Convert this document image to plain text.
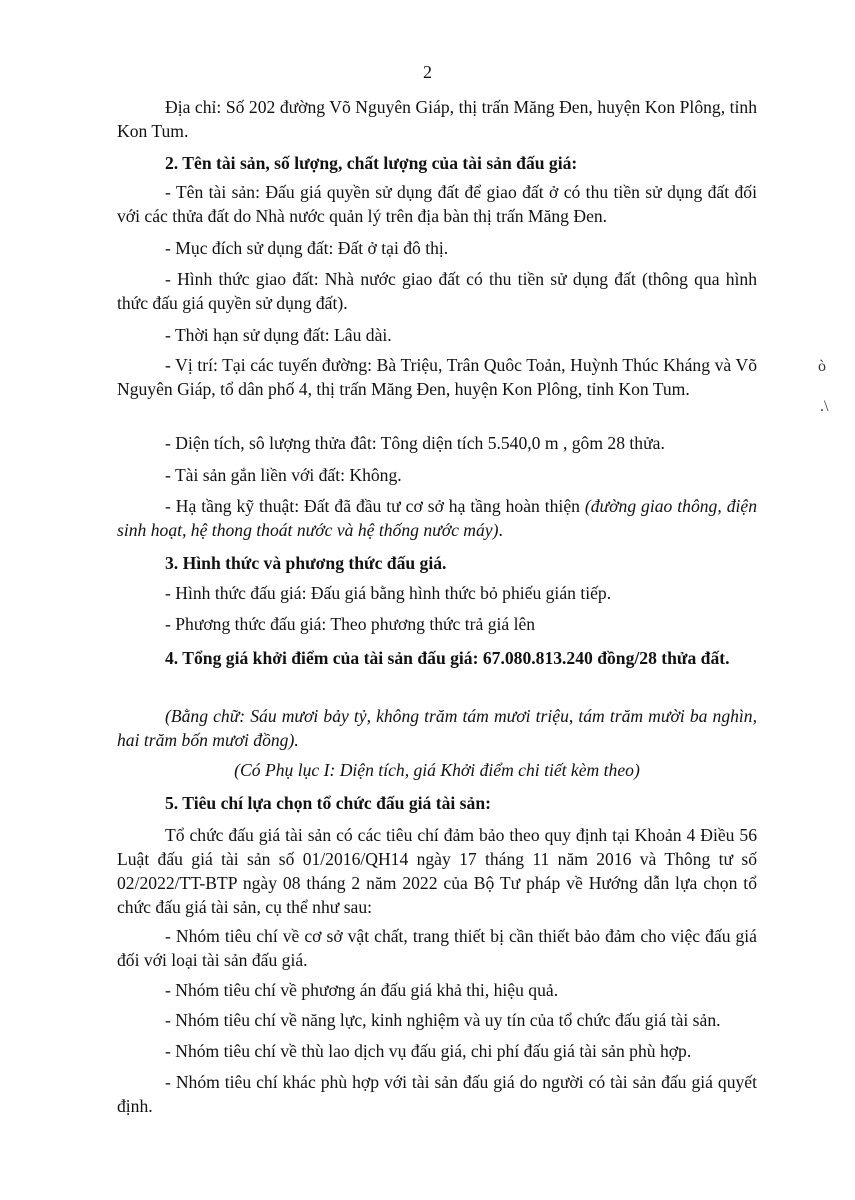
2
Địa chỉ: Số 202 đường Võ Nguyên Giáp, thị trấn Măng Đen, huyện Kon Plông, tỉnh Kon Tum.
2. Tên tài sản, số lượng, chất lượng của tài sản đấu giá:
- Tên tài sản: Đấu giá quyền sử dụng đất để giao đất ở có thu tiền sử dụng đất đối với các thửa đất do Nhà nước quản lý trên địa bàn thị trấn Măng Đen.
- Mục đích sử dụng đất: Đất ở tại đô thị.
- Hình thức giao đất: Nhà nước giao đất có thu tiền sử dụng đất (thông qua hình thức đấu giá quyền sử dụng đất).
- Thời hạn sử dụng đất: Lâu dài.
- Vị trí: Tại các tuyến đường: Bà Triệu, Trân Quôc Toản, Huỳnh Thúc Kháng và Võ Nguyên Giáp, tổ dân phố 4, thị trấn Măng Đen, huyện Kon Plông, tỉnh Kon Tum.
- Diện tích, sô lượng thửa đât: Tông diện tích 5.540,0 m , gôm 28 thửa.
- Tài sản gắn liền với đất: Không.
- Hạ tầng kỹ thuật: Đất đã đầu tư cơ sở hạ tầng hoàn thiện (đường giao thông, điện sinh hoạt, hệ thong thoát nước và hệ thống nước máy).
3. Hình thức và phương thức đấu giá.
- Hình thức đấu giá: Đấu giá bằng hình thức bỏ phiếu gián tiếp.
- Phương thức đấu giá: Theo phương thức trả giá lên
4. Tổng giá khởi điểm của tài sản đấu giá: 67.080.813.240 đồng/28 thửa đất.
(Bằng chữ: Sáu mươi bảy tỷ, không trăm tám mươi triệu, tám trăm mười ba nghìn, hai trăm bốn mươi đồng).
(Có Phụ lục I: Diện tích, giá Khởi điểm chi tiết kèm theo)
5. Tiêu chí lựa chọn tổ chức đấu giá tài sản:
Tổ chức đấu giá tài sản có các tiêu chí đảm bảo theo quy định tại Khoản 4 Điều 56 Luật đấu giá tài sản số 01/2016/QH14 ngày 17 tháng 11 năm 2016 và Thông tư số 02/2022/TT-BTP ngày 08 tháng 2 năm 2022 của Bộ Tư pháp về Hướng dẫn lựa chọn tổ chức đấu giá tài sản, cụ thể như sau:
- Nhóm tiêu chí về cơ sở vật chất, trang thiết bị cần thiết bảo đảm cho việc đấu giá đối với loại tài sản đấu giá.
- Nhóm tiêu chí về phương án đấu giá khả thi, hiệu quả.
- Nhóm tiêu chí về năng lực, kinh nghiệm và uy tín của tổ chức đấu giá tài sản.
- Nhóm tiêu chí về thù lao dịch vụ đấu giá, chi phí đấu giá tài sản phù hợp.
- Nhóm tiêu chí khác phù hợp với tài sản đấu giá do người có tài sản đấu giá quyết định.
ò
.\
